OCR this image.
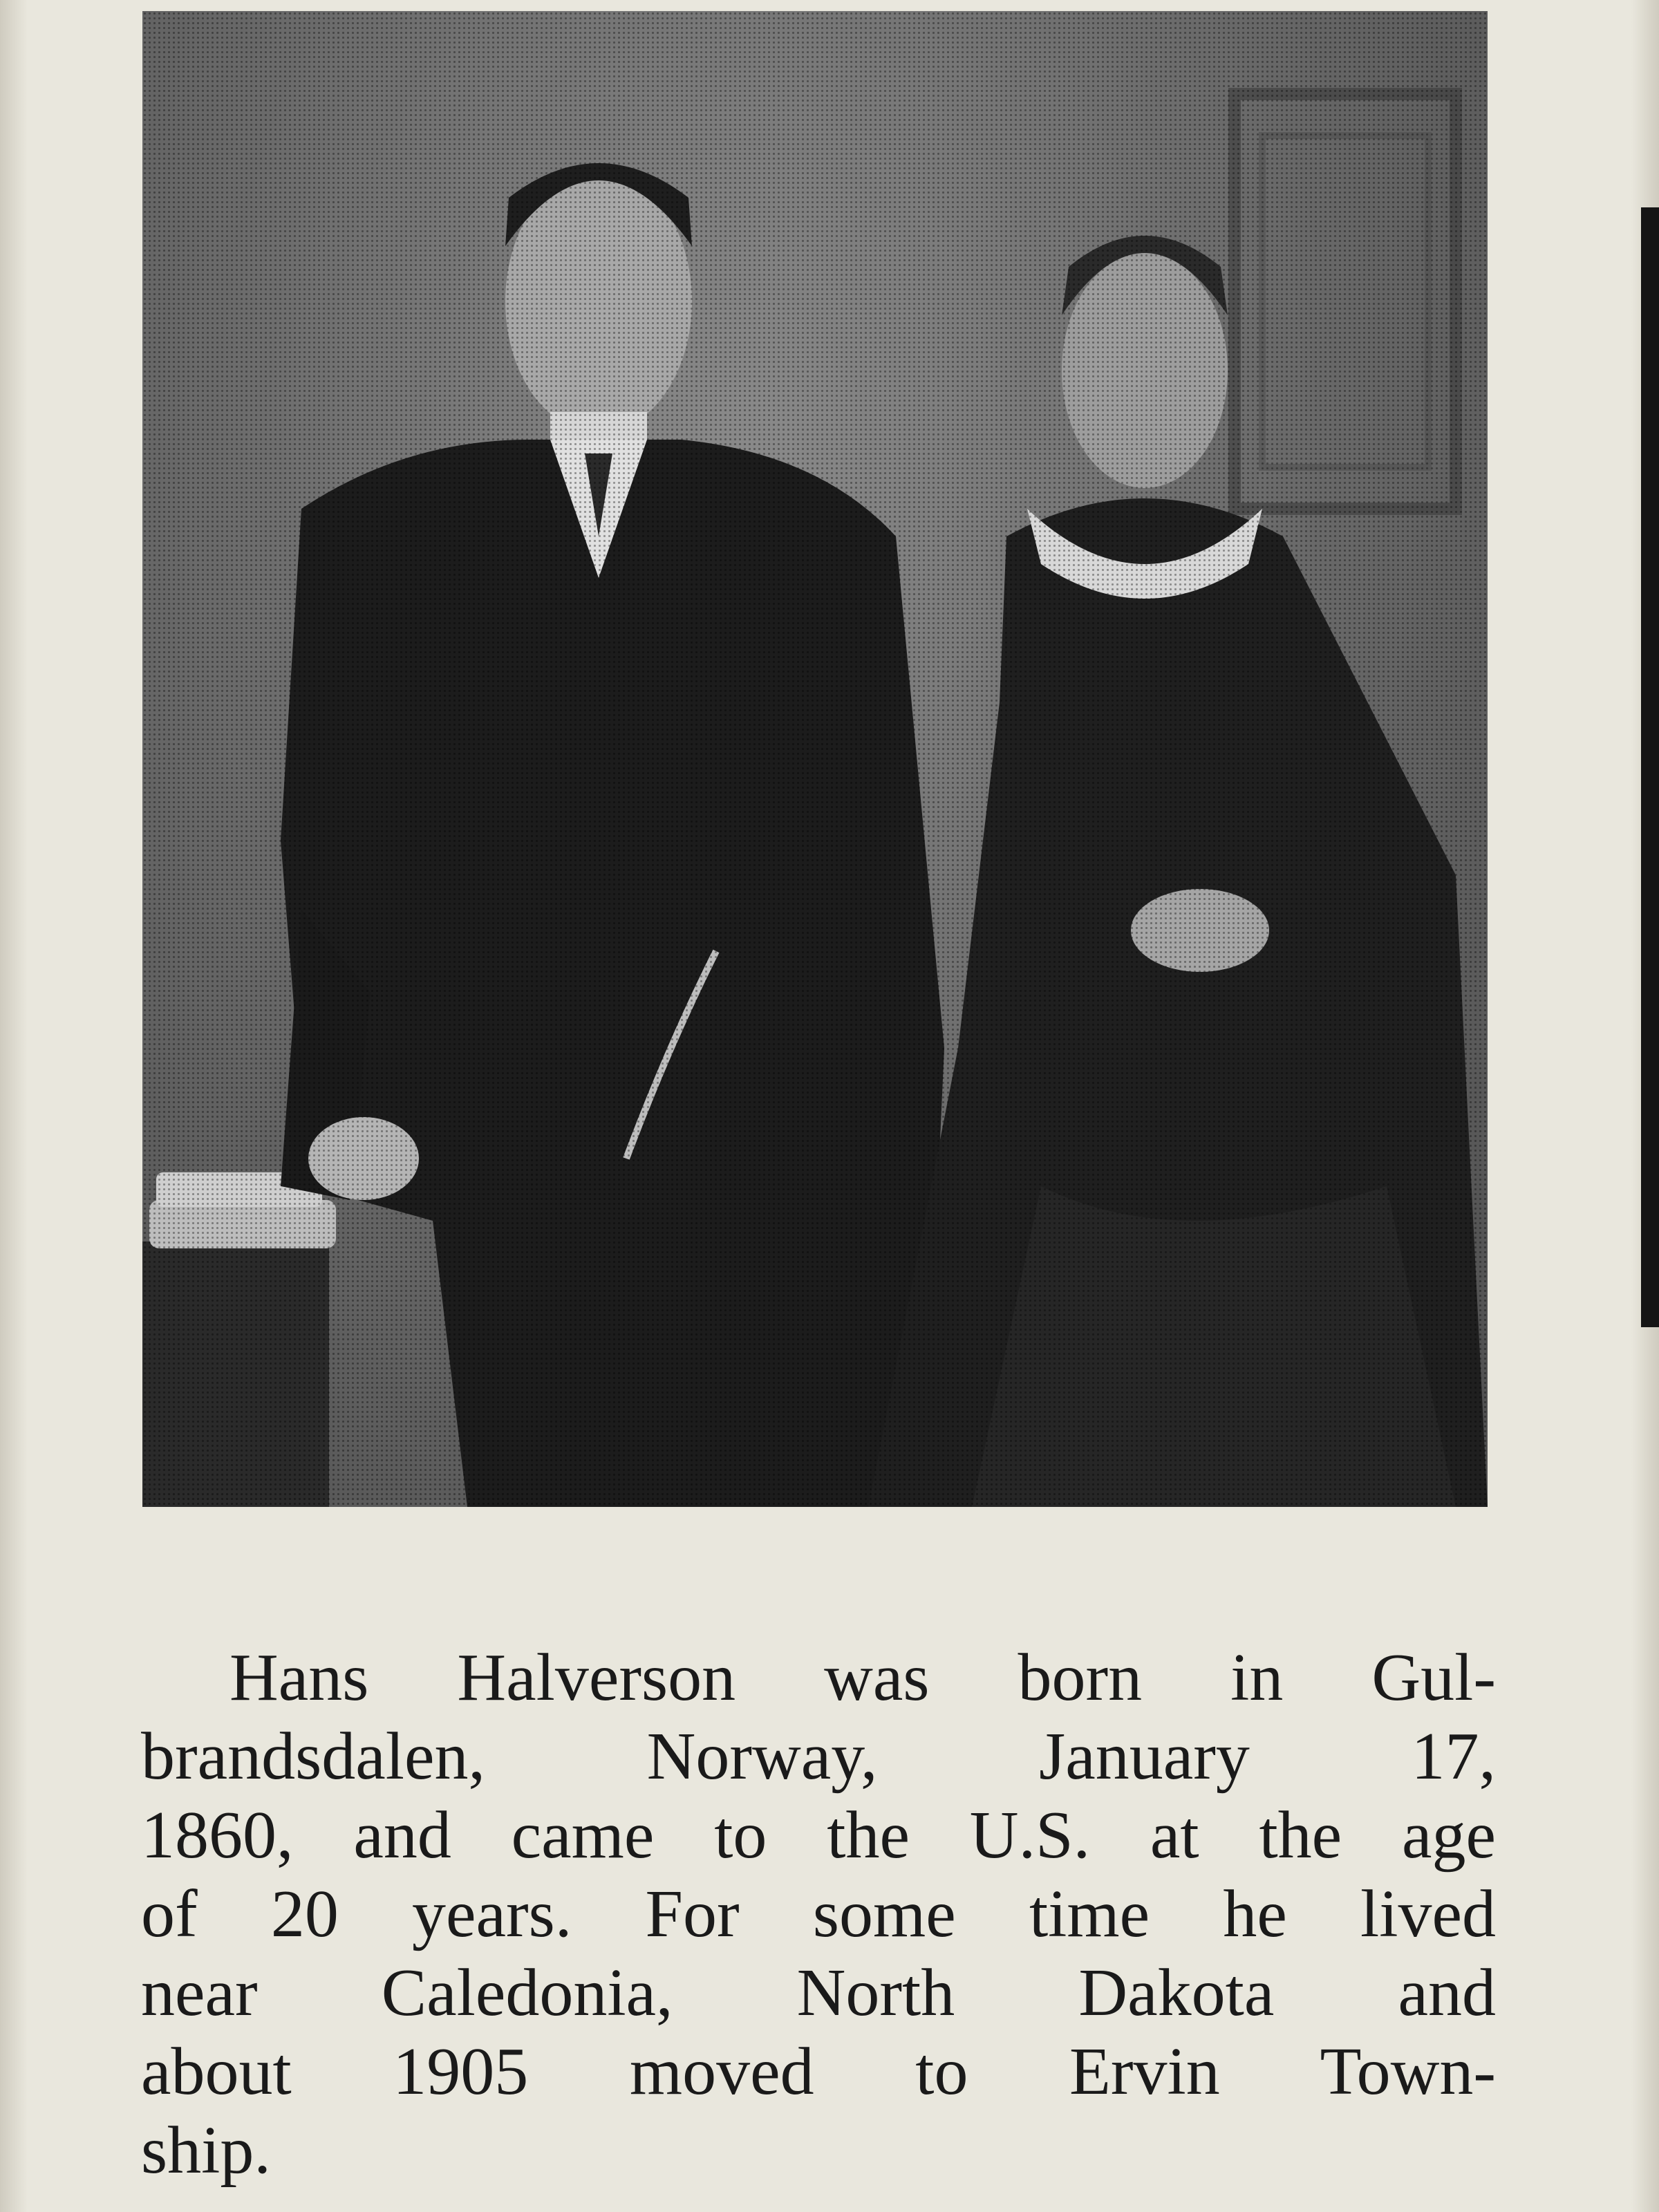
Hans Halverson was born in Gul-
brandsdalen, Norway, January 17,
1860, and came to the U.S. at the age
of 20 years. For some time he lived
near Caledonia, North Dakota and
about 1905 moved to Ervin Town-
ship.
